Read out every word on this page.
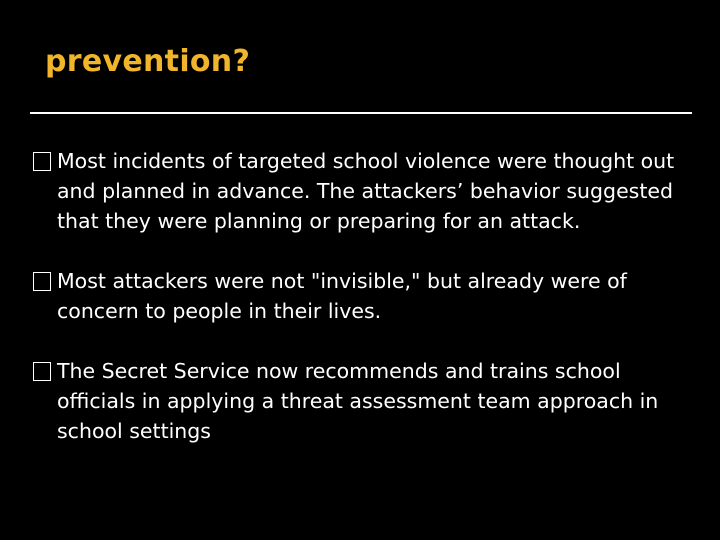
prevention?
Most incidents of targeted school violence were thought out and planned in advance. The attackers’ behavior suggested that they were planning or preparing for an attack.
Most attackers were not "invisible," but already were of concern to people in their lives.
The Secret Service now recommends and trains school officials in applying a threat assessment team approach in school settings
